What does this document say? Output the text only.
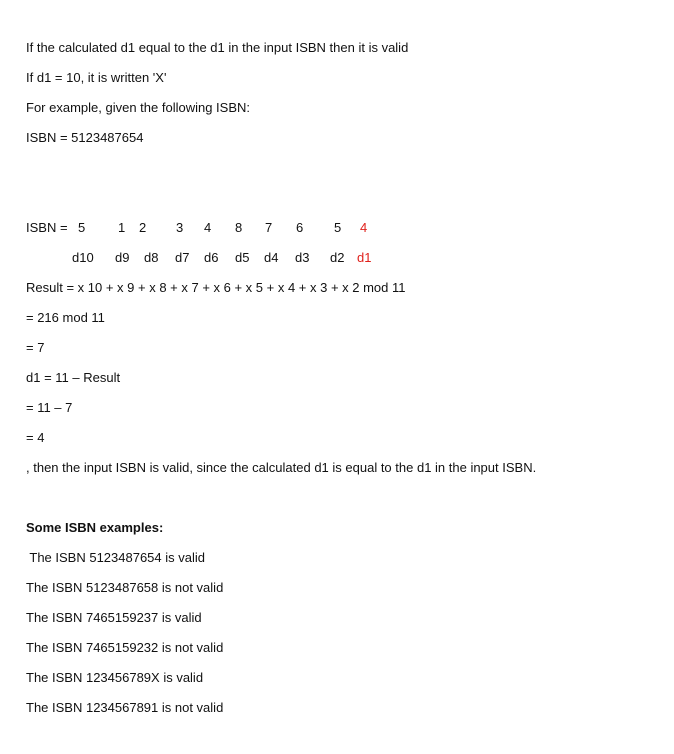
If the calculated d1 equal to the d1 in the input ISBN then it is valid
If d1 = 10, it is written 'X'
For example, given the following ISBN:
ISBN = 5123487654
ISBN = 5	1 2 3 4 8 7 6 5 4
d10 d9 d8 d7 d6 d5 d4 d3 d2 d1
Result = x 10 + x 9 + x 8 + x 7 + x 6 + x 5 + x 4 + x 3 + x 2 mod 11
= 216 mod 11
= 7
d1 = 11 – Result
= 11 – 7
= 4
, then the input ISBN is valid, since the calculated d1 is equal to the d1 in the input ISBN.
Some ISBN examples:
The ISBN 5123487654 is valid
The ISBN 5123487658 is not valid
The ISBN 7465159237 is valid
The ISBN 7465159232 is not valid
The ISBN 123456789X is valid
The ISBN 1234567891 is not valid
